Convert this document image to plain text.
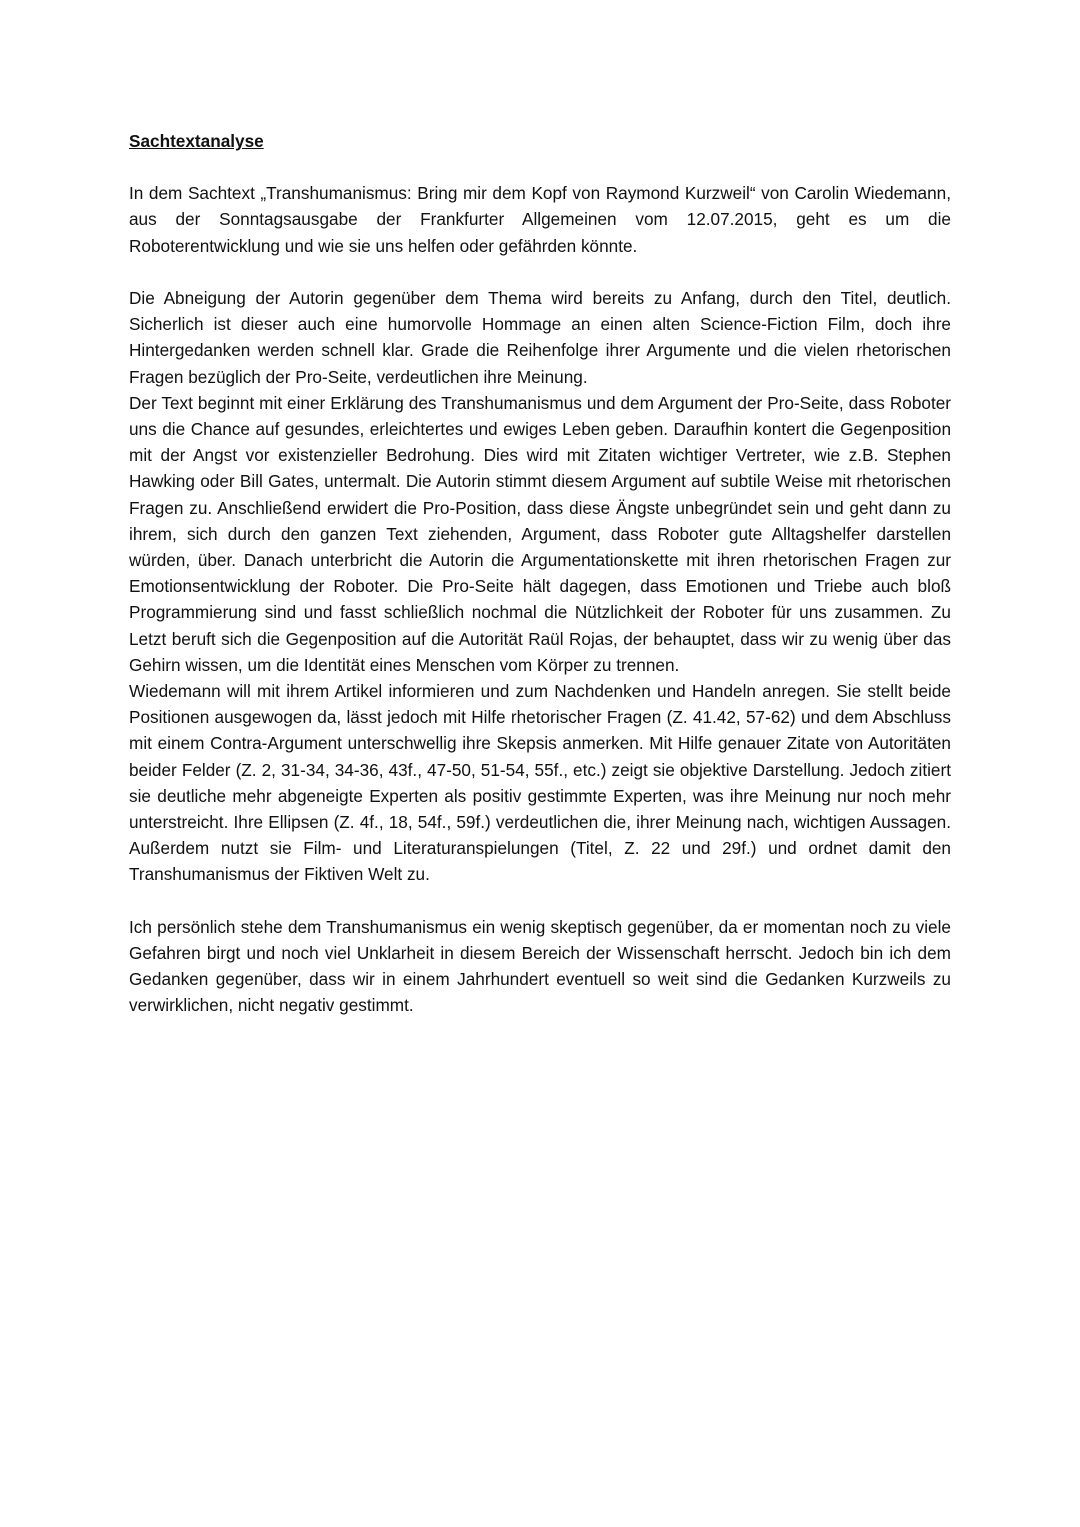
Sachtextanalyse

In dem Sachtext „Transhumanismus: Bring mir dem Kopf von Raymond Kurzweil“ von Carolin Wiedemann, aus der Sonntagsausgabe der Frankfurter Allgemeinen vom 12.07.2015, geht es um die Roboterentwicklung und wie sie uns helfen oder gefährden könnte.

Die Abneigung der Autorin gegenüber dem Thema wird bereits zu Anfang, durch den Titel, deutlich. Sicherlich ist dieser auch eine humorvolle Hommage an einen alten Science-Fiction Film, doch ihre Hintergedanken werden schnell klar. Grade die Reihenfolge ihrer Argumente und die vielen rhetorischen Fragen bezüglich der Pro-Seite, verdeutlichen ihre Meinung.

Der Text beginnt mit einer Erklärung des Transhumanismus und dem Argument der Pro-Seite, dass Roboter uns die Chance auf gesundes, erleichtertes und ewiges Leben geben. Daraufhin kontert die Gegenposition mit der Angst vor existenzieller Bedrohung. Dies wird mit Zitaten wichtiger Vertreter, wie z.B. Stephen Hawking oder Bill Gates, untermalt. Die Autorin stimmt diesem Argument auf subtile Weise mit rhetorischen Fragen zu. Anschließend erwidert die Pro-Position, dass diese Ängste unbegründet sein und geht dann zu ihrem, sich durch den ganzen Text ziehenden, Argument, dass Roboter gute Alltagshelfer darstellen würden, über. Danach unterbricht die Autorin die Argumentationskette mit ihren rhetorischen Fragen zur Emotionsentwicklung der Roboter. Die Pro-Seite hält dagegen, dass Emotionen und Triebe auch bloß Programmierung sind und fasst schließlich nochmal die Nützlichkeit der Roboter für uns zusammen. Zu Letzt beruft sich die Gegenposition auf die Autorität Raül Rojas, der behauptet, dass wir zu wenig über das Gehirn wissen, um die Identität eines Menschen vom Körper zu trennen.

Wiedemann will mit ihrem Artikel informieren und zum Nachdenken und Handeln anregen. Sie stellt beide Positionen ausgewogen da, lässt jedoch mit Hilfe rhetorischer Fragen (Z. 41.42, 57-62) und dem Abschluss mit einem Contra-Argument unterschwellig ihre Skepsis anmerken. Mit Hilfe genauer Zitate von Autoritäten beider Felder (Z. 2, 31-34, 34-36, 43f., 47-50, 51-54, 55f., etc.) zeigt sie objektive Darstellung. Jedoch zitiert sie deutliche mehr abgeneigte Experten als positiv gestimmte Experten, was ihre Meinung nur noch mehr unterstreicht. Ihre Ellipsen (Z. 4f., 18, 54f., 59f.) verdeutlichen die, ihrer Meinung nach, wichtigen Aussagen. Außerdem nutzt sie Film- und Literaturanspielungen (Titel, Z. 22 und 29f.) und ordnet damit den Transhumanismus der Fiktiven Welt zu.

Ich persönlich stehe dem Transhumanismus ein wenig skeptisch gegenüber, da er momentan noch zu viele Gefahren birgt und noch viel Unklarheit in diesem Bereich der Wissenschaft herrscht. Jedoch bin ich dem Gedanken gegenüber, dass wir in einem Jahrhundert eventuell so weit sind die Gedanken Kurzweils zu verwirklichen, nicht negativ gestimmt.
